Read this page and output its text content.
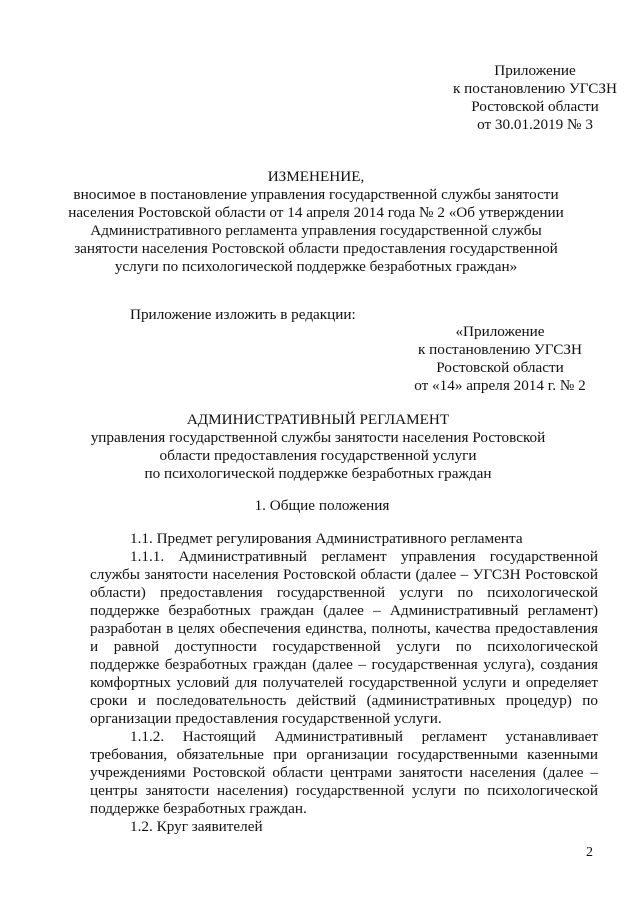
Приложение
к постановлению УГСЗН
Ростовской области
от 30.01.2019 № 3
ИЗМЕНЕНИЕ,
вносимое в постановление управления государственной службы занятости
населения Ростовской области от 14 апреля 2014 года № 2 «Об утверждении
Административного регламента управления государственной службы
занятости населения Ростовской области предоставления государственной
услуги по психологической поддержке безработных граждан»
Приложение изложить в редакции:
«Приложение
к постановлению УГСЗН
Ростовской области
от «14» апреля 2014 г. № 2
АДМИНИСТРАТИВНЫЙ РЕГЛАМЕНТ
управления государственной службы занятости населения Ростовской
области предоставления государственной услуги
по психологической поддержке безработных граждан
1. Общие положения
1.1. Предмет регулирования Административного регламента
1.1.1. Административный регламент управления государственной
службы занятости населения Ростовской области (далее – УГСЗН Ростовской
области) предоставления государственной услуги по психологической
поддержке безработных граждан (далее – Административный регламент)
разработан в целях обеспечения единства, полноты, качества предоставления
и равной доступности государственной услуги по психологической
поддержке безработных граждан (далее – государственная услуга), создания
комфортных условий для получателей государственной услуги и определяет
сроки и последовательность действий (административных процедур) по
организации предоставления государственной услуги.
1.1.2. Настоящий Административный регламент устанавливает
требования, обязательные при организации государственными казенными
учреждениями Ростовской области центрами занятости населения (далее –
центры занятости населения) государственной услуги по психологической
поддержке безработных граждан.
1.2. Круг заявителей
2
